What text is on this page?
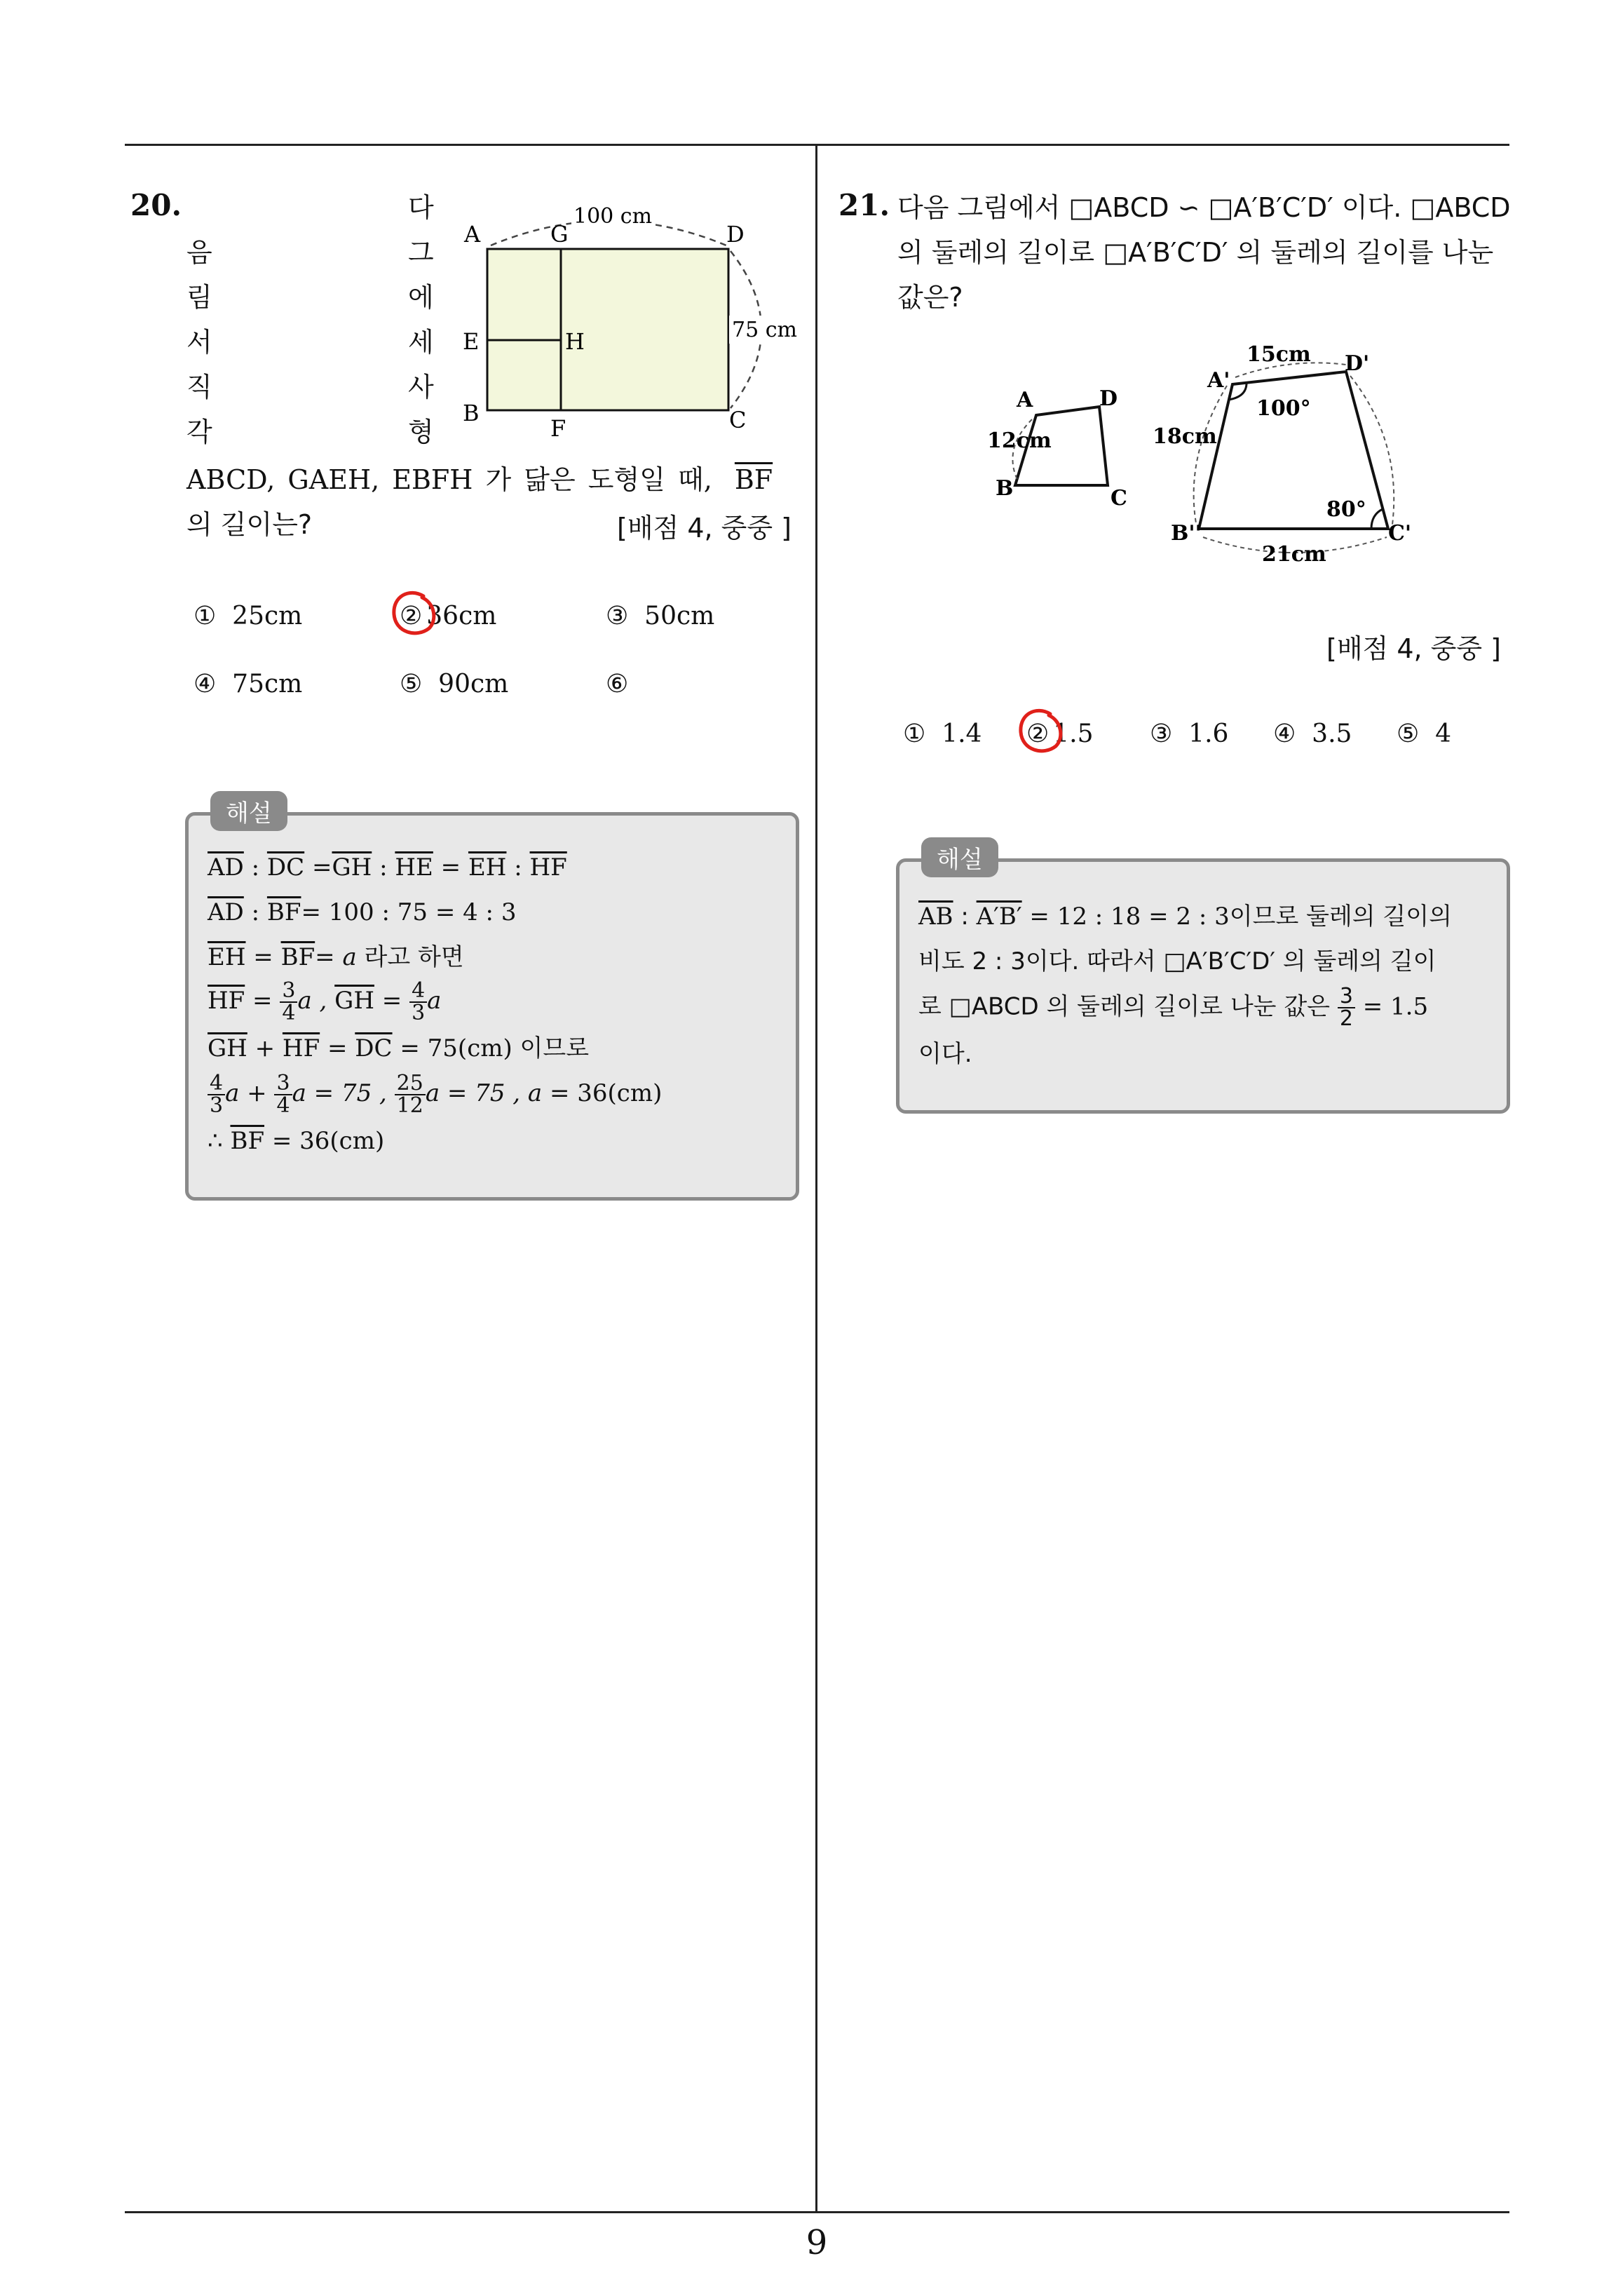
9
20.	다
음	그
림	에
서	세
직	사
각	형
ABCD, GAEH, EBFH 가 닮은 도형일 때, $\overline{BF}$
의 길이는?	[배점 4, 중중 ]
100 cm
75 cm
A	G	D
E	H
B
F	C
① 25cm	② 36cm	③ 50cm
④ 75cm	⑤ 90cm	⑥
해설
$\overline{AD}$ : $\overline{DC} =\overline{GH}$ : $\overline{HE} = \overline{EH}$ : $\overline{HF}$
$\overline{AD}$ : $\overline{BF}= 100$ : 75 = 4 : 3
$\overline{EH} = \overline{BF}= a$ 라고 하면
$\overline{HF} = \frac{3}{4}$ a , $\overline{GH} = \frac{4}{3}$ a
$\overline{GH} + \overline{HF} = \overline{DC} = 75(cm)$ 이므로
$\frac{4}{3}$ $a + \frac{3}{4}$ a = 75 , $\frac{25}{12}$ a = 75 , a = 36(cm)
∴ $\overline{BF} = 36(cm)$
21. 다음 그림에서 □ABCD ∽ □A′B′C′D′ 이다. □ABCD
의 둘레의 길이로 □A′B′C′D′ 의 둘레의 길이를 나눈
값은?
A	D
B	C
12cm
15cm
18cm
21cm
100°
80°
A'
D'
B''	C'
[배점 4, 중중 ]
① 1.4 ② 1.5 ③ 1.6 ④ 3.5 ⑤ 4
해설
$\overline{AB}$ : A′B′ = 12 : 18 = 2 : 3이므로 둘레의 길이의
비도 2 : 3이다. 따라서 □A′B′C′D′ 의 둘레의 길이
로 □ABCD 의 둘레의 길이로 나눈 값은 $\frac{3}{2} = 1.5$
이다.
